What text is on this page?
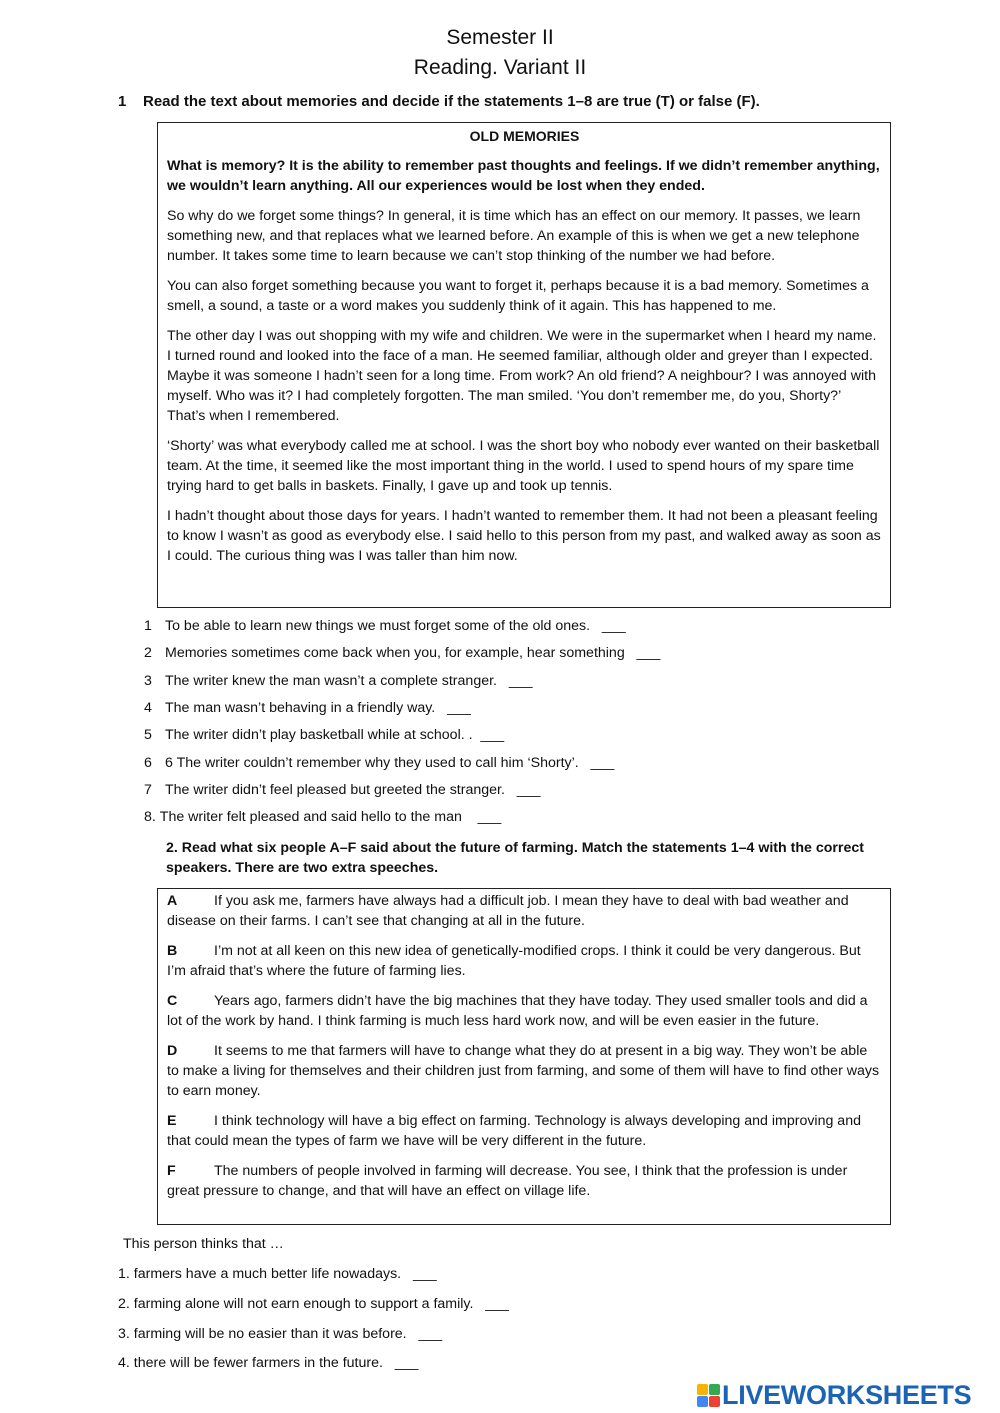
Semester II
Reading. Variant II
1 Read the text about memories and decide if the statements 1–8 are true (T) or false (F).
OLD MEMORIES

What is memory? It is the ability to remember past thoughts and feelings. If we didn’t remember anything, we wouldn’t learn anything. All our experiences would be lost when they ended.

So why do we forget some things? In general, it is time which has an effect on our memory. It passes, we learn something new, and that replaces what we learned before. An example of this is when we get a new telephone number. It takes some time to learn because we can’t stop thinking of the number we had before.

You can also forget something because you want to forget it, perhaps because it is a bad memory. Sometimes a smell, a sound, a taste or a word makes you suddenly think of it again. This has happened to me.

The other day I was out shopping with my wife and children. We were in the supermarket when I heard my name. I turned round and looked into the face of a man. He seemed familiar, although older and greyer than I expected. Maybe it was someone I hadn’t seen for a long time. From work? An old friend? A neighbour? I was annoyed with myself. Who was it? I had completely forgotten. The man smiled. ‘You don’t remember me, do you, Shorty?’ That’s when I remembered.

‘Shorty’ was what everybody called me at school. I was the short boy who nobody ever wanted on their basketball team. At the time, it seemed like the most important thing in the world. I used to spend hours of my spare time trying hard to get balls in baskets. Finally, I gave up and took up tennis.

I hadn’t thought about those days for years. I hadn’t wanted to remember them. It had not been a pleasant feeling to know I wasn’t as good as everybody else. I said hello to this person from my past, and walked away as soon as I could. The curious thing was I was taller than him now.

1 To be able to learn new things we must forget some of the old ones. ___
2 Memories sometimes come back when you, for example, hear something ___
3 The writer knew the man wasn’t a complete stranger. ___
4 The man wasn’t behaving in a friendly way. ___
5 The writer didn’t play basketball while at school. . ___
6 6 The writer couldn’t remember why they used to call him ‘Shorty’. ___
7 The writer didn’t feel pleased but greeted the stranger. ___
8. The writer felt pleased and said hello to the man ___
2. Read what six people A–F said about the future of farming. Match the statements 1–4 with the correct speakers. There are two extra speeches.

A	If you ask me, farmers have always had a difficult job. I mean they have to deal with bad weather and disease on their farms. I can’t see that changing at all in the future.

B	I’m not at all keen on this new idea of genetically-modified crops. I think it could be very dangerous. But I’m afraid that’s where the future of farming lies.

C	Years ago, farmers didn’t have the big machines that they have today. They used smaller tools and did a lot of the work by hand. I think farming is much less hard work now, and will be even easier in the future.

D	It seems to me that farmers will have to change what they do at present in a big way. They won’t be able to make a living for themselves and their children just from farming, and some of them will have to find other ways to earn money.

E	I think technology will have a big effect on farming. Technology is always developing and improving and that could mean the types of farm we have will be very different in the future.

F	The numbers of people involved in farming will decrease. You see, I think that the profession is under great pressure to change, and that will have an effect on village life.

This person thinks that …
1. farmers have a much better life nowadays. ___
2. farming alone will not earn enough to support a family. ___
3. farming will be no easier than it was before. ___
4. there will be fewer farmers in the future. ___
LIVEWORKSHEETS
